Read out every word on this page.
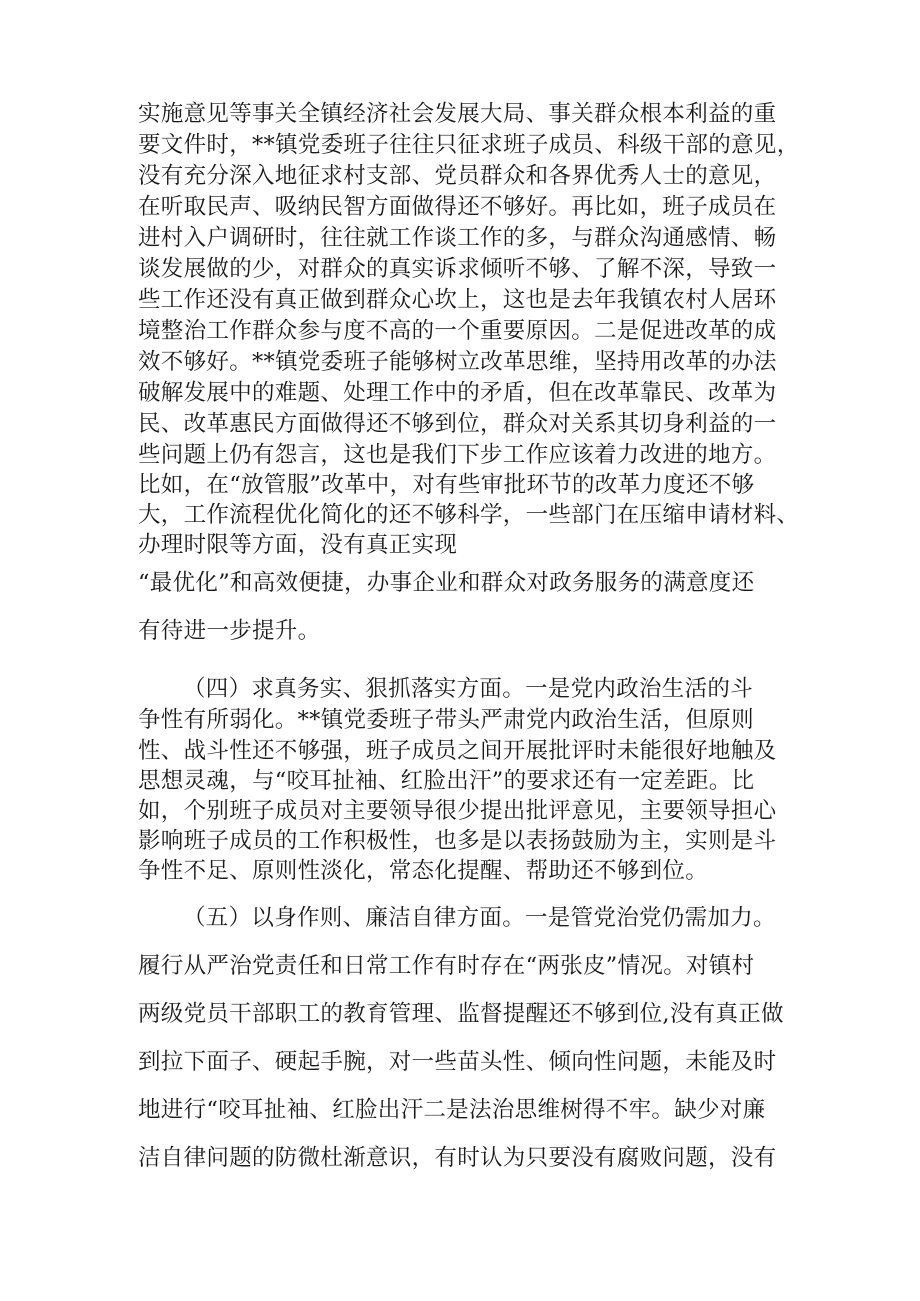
实施意见等事关全镇经济社会发展大局、事关群众根本利益的重

要文件时，**镇党委班子往往只征求班子成员、科级干部的意见，

没有充分深入地征求村支部、党员群众和各界优秀人士的意见，

在听取民声、吸纳民智方面做得还不够好。再比如，班子成员在

进村入户调研时，往往就工作谈工作的多，与群众沟通感情、畅

谈发展做的少，对群众的真实诉求倾听不够、了解不深，导致一

些工作还没有真正做到群众心坎上，这也是去年我镇农村人居环

境整治工作群众参与度不高的一个重要原因。二是促进改革的成

效不够好。**镇党委班子能够树立改革思维，坚持用改革的办法

破解发展中的难题、处理工作中的矛盾，但在改革靠民、改革为

民、改革惠民方面做得还不够到位，群众对关系其切身利益的一

些问题上仍有怨言，这也是我们下步工作应该着力改进的地方。

比如，在“放管服”改革中，对有些审批环节的改革力度还不够

大，工作流程优化简化的还不够科学，一些部门在压缩申请材料、

办理时限等方面，没有真正实现

“最优化”和高效便捷，办事企业和群众对政务服务的满意度还

有待进一步提升。

（四）求真务实、狠抓落实方面。一是党内政治生活的斗

争性有所弱化。**镇党委班子带头严肃党内政治生活，但原则

性、战斗性还不够强，班子成员之间开展批评时未能很好地触及

思想灵魂，与“咬耳扯袖、红脸出汗”的要求还有一定差距。比

如，个别班子成员对主要领导很少提出批评意见，主要领导担心

影响班子成员的工作积极性，也多是以表扬鼓励为主，实则是斗

争性不足、原则性淡化，常态化提醒、帮助还不够到位。

（五）以身作则、廉洁自律方面。一是管党治党仍需加力。

履行从严治党责任和日常工作有时存在“两张皮”情况。对镇村

两级党员干部职工的教育管理、监督提醒还不够到位,没有真正做

到拉下面子、硬起手腕，对一些苗头性、倾向性问题，未能及时

地进行“咬耳扯袖、红脸出汗二是法治思维树得不牢。缺少对廉

洁自律问题的防微杜渐意识，有时认为只要没有腐败问题，没有
